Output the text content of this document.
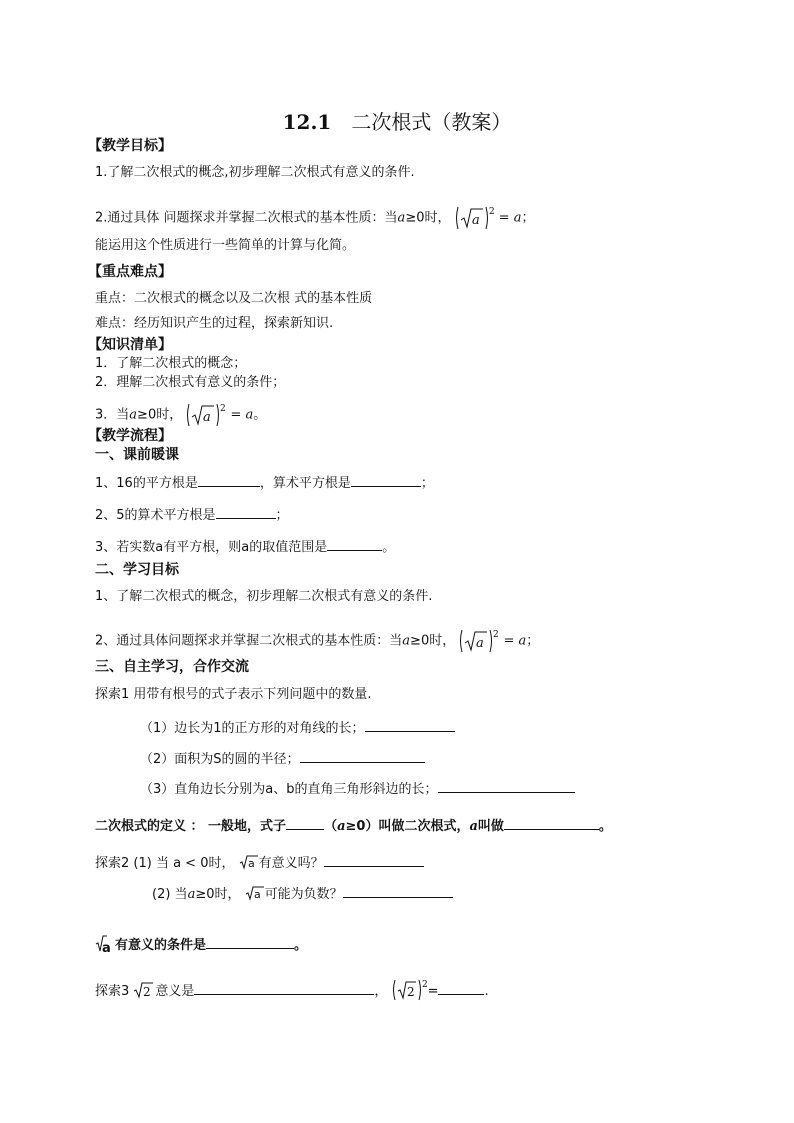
12.1 二次根式（教案）
【教学目标】
1.了解二次根式的概念,初步理解二次根式有意义的条件.
2.通过具体 问题探求并掌握二次根式的基本性质：当a≥0时， a
2 = a；
能运用这个性质进行一些简单的计算与化简。
【重点难点】
重点：二次根式的概念以及二次根 式的基本性质
难点：经历知识产生的过程，探索新知识.
【知识清单】
1．了解二次根式的概念；
2．理解二次根式有意义的条件；
3．当a≥0时， a
2 = a。
【教学流程】
一、课前暖课
1、16的平方根是	，算术平方根是	；
2、5的算术平方根是	；
3、若实数a有平方根，则a的取值范围是	。
二、学习目标
1、了解二次根式的概念，初步理解二次根式有意义的条件.
2、通过具体问题探求并掌握二次根式的基本性质：当a≥0时， a
2 = a；
三、自主学习，合作交流
探索1 用带有根号的式子表示下列问题中的数量.
（1）边长为1的正方形的对角线的长；
（2）面积为S的圆的半径；
（3）直角边长分别为a、b的直角三角形斜边的长；
二次根式的定义 ： 一般地，式子	（a≥0）叫做二次根式，a叫做	。
探索2 (1) 当 a < 0时， a 有意义吗？
(2) 当a≥0时， a 可能为负数？
a 有意义的条件是	。
探索3 2 意义是	， 2 2 =	.
